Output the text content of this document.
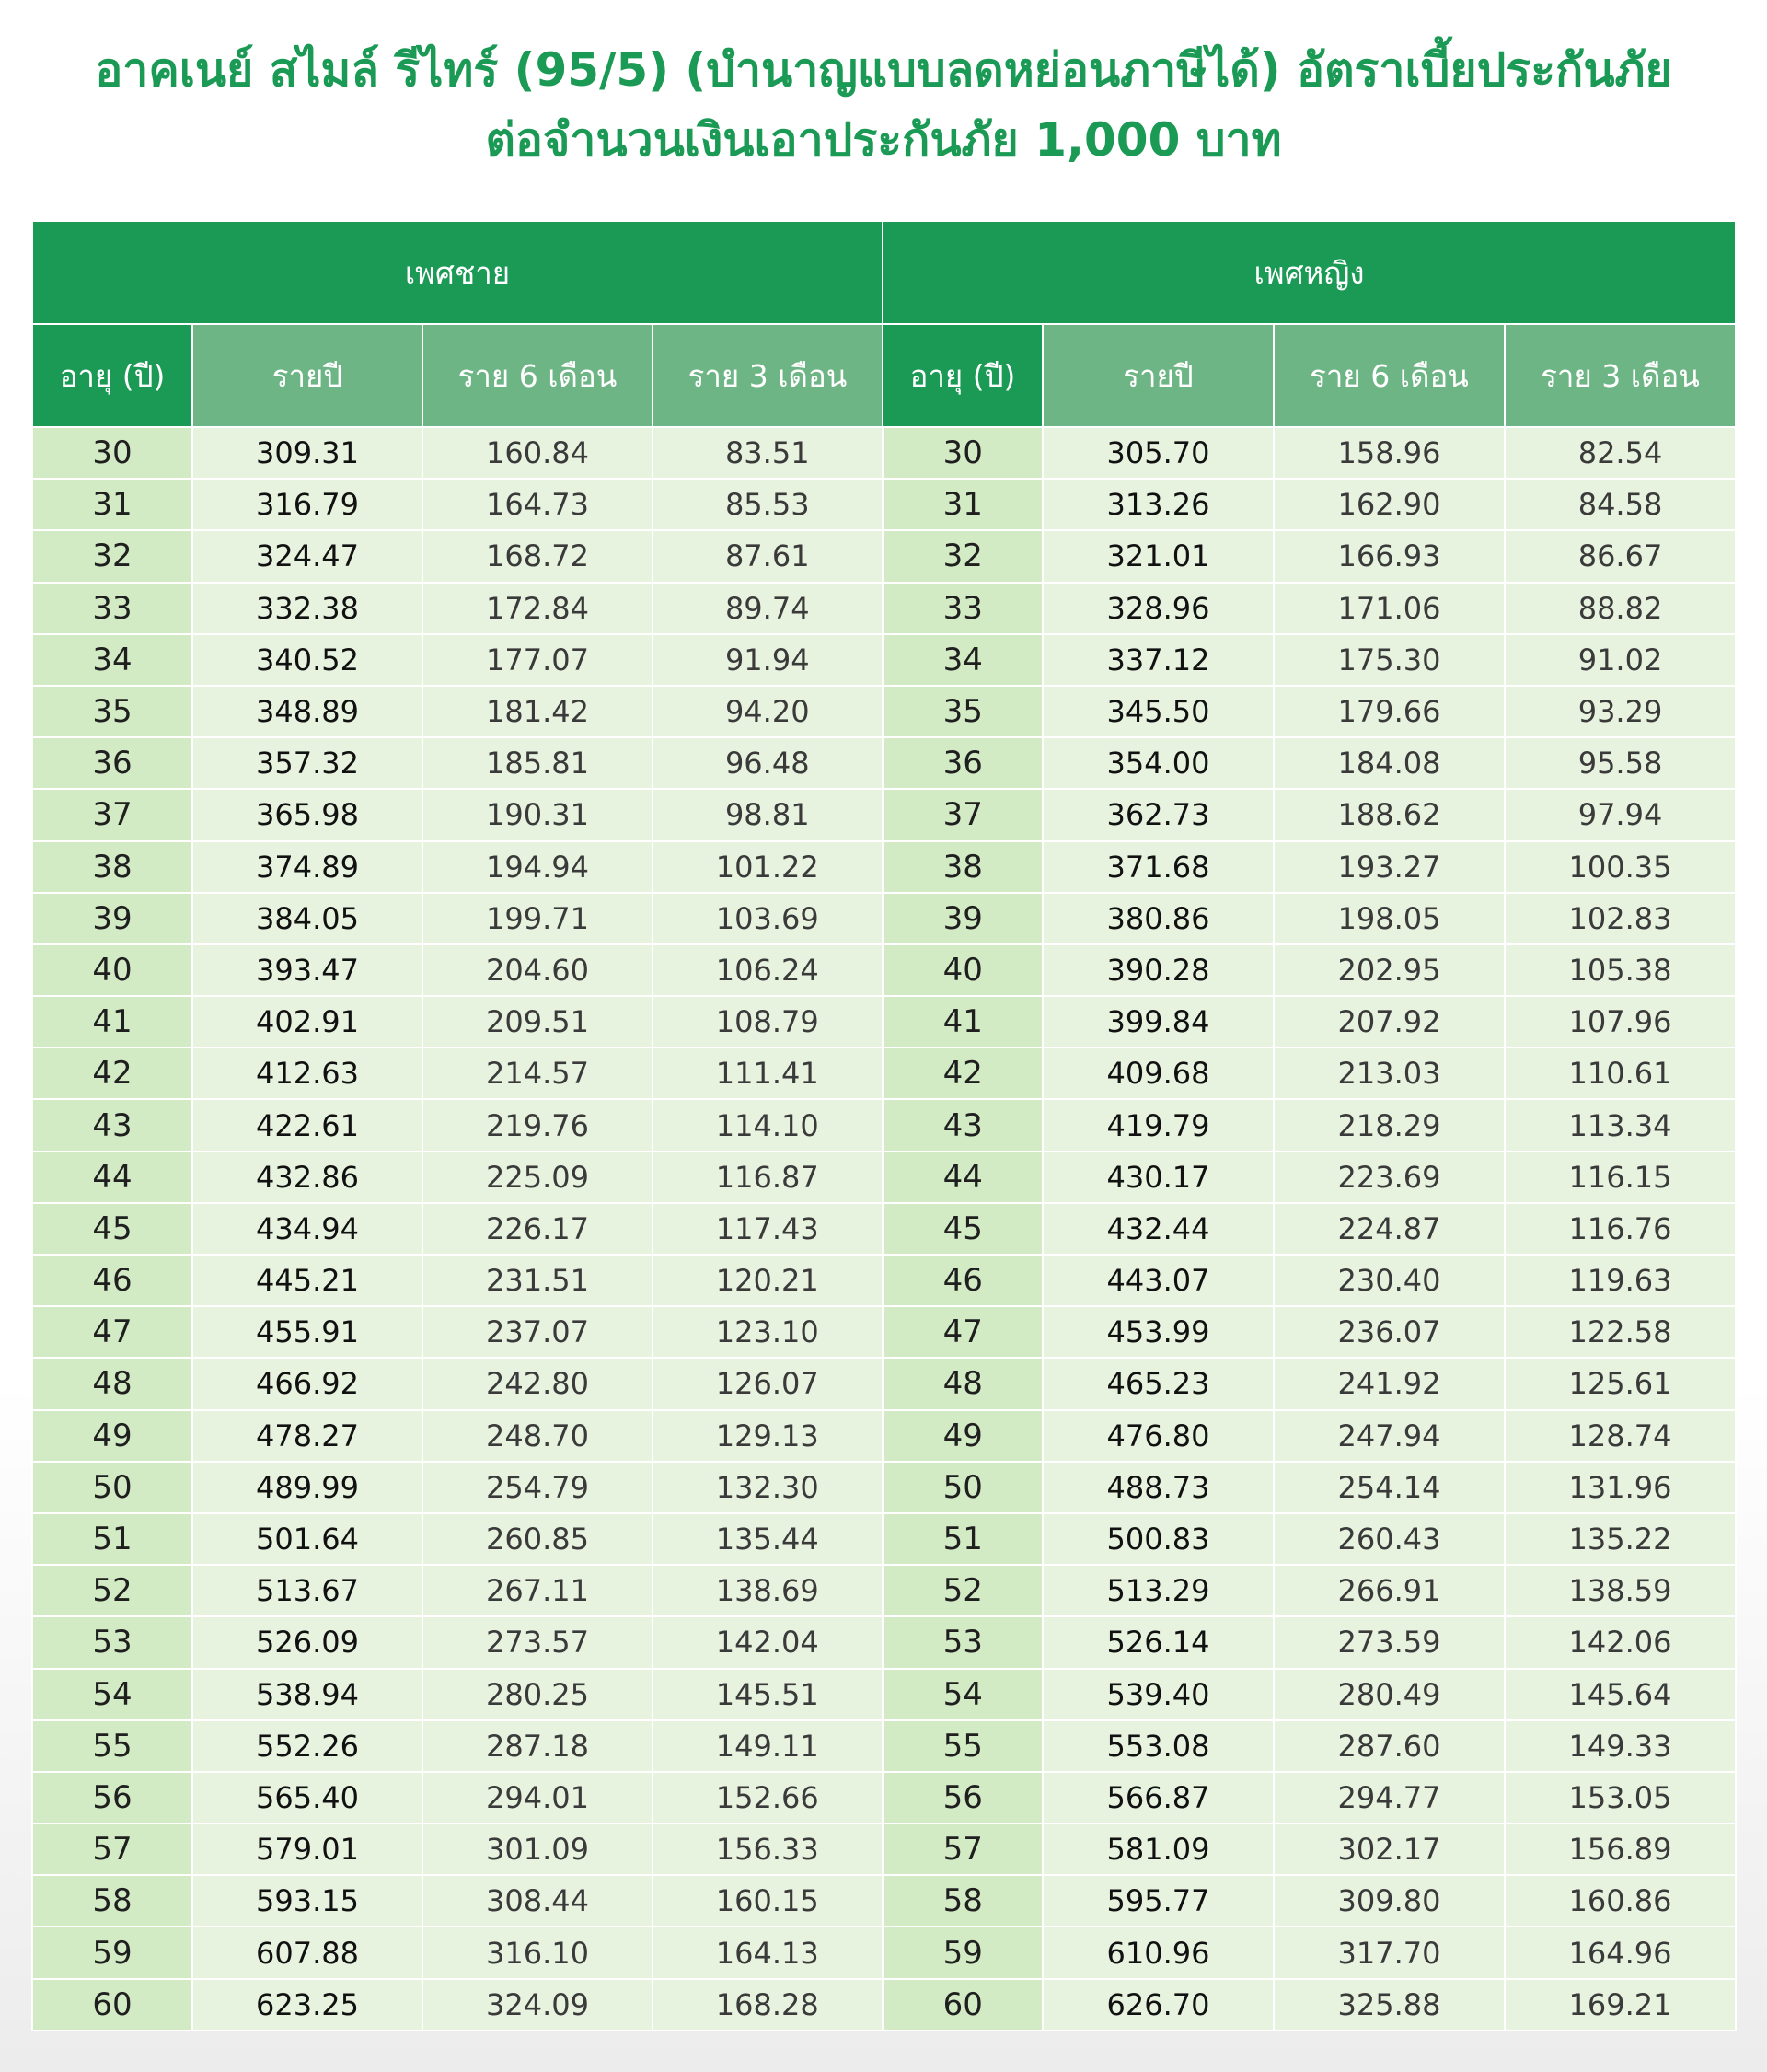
อาคเนย์ สไมล์ รีไทร์ (95/5) (บำนาญแบบลดหย่อนภาษีได้) อัตราเบี้ยประกันภัย
ต่อจำนวนเงินเอาประกันภัย 1,000 บาท
เพศชาย				เพศหญิง			
อายุ (ปี)	รายปี	ราย 6 เดือน	ราย 3 เดือน	อายุ (ปี)	รายปี	ราย 6 เดือน	ราย 3 เดือน
30	309.31	160.84	83.51	30	305.70	158.96	82.54
31	316.79	164.73	85.53	31	313.26	162.90	84.58
32	324.47	168.72	87.61	32	321.01	166.93	86.67
33	332.38	172.84	89.74	33	328.96	171.06	88.82
34	340.52	177.07	91.94	34	337.12	175.30	91.02
35	348.89	181.42	94.20	35	345.50	179.66	93.29
36	357.32	185.81	96.48	36	354.00	184.08	95.58
37	365.98	190.31	98.81	37	362.73	188.62	97.94
38	374.89	194.94	101.22	38	371.68	193.27	100.35
39	384.05	199.71	103.69	39	380.86	198.05	102.83
40	393.47	204.60	106.24	40	390.28	202.95	105.38
41	402.91	209.51	108.79	41	399.84	207.92	107.96
42	412.63	214.57	111.41	42	409.68	213.03	110.61
43	422.61	219.76	114.10	43	419.79	218.29	113.34
44	432.86	225.09	116.87	44	430.17	223.69	116.15
45	434.94	226.17	117.43	45	432.44	224.87	116.76
46	445.21	231.51	120.21	46	443.07	230.40	119.63
47	455.91	237.07	123.10	47	453.99	236.07	122.58
48	466.92	242.80	126.07	48	465.23	241.92	125.61
49	478.27	248.70	129.13	49	476.80	247.94	128.74
50	489.99	254.79	132.30	50	488.73	254.14	131.96
51	501.64	260.85	135.44	51	500.83	260.43	135.22
52	513.67	267.11	138.69	52	513.29	266.91	138.59
53	526.09	273.57	142.04	53	526.14	273.59	142.06
54	538.94	280.25	145.51	54	539.40	280.49	145.64
55	552.26	287.18	149.11	55	553.08	287.60	149.33
56	565.40	294.01	152.66	56	566.87	294.77	153.05
57	579.01	301.09	156.33	57	581.09	302.17	156.89
58	593.15	308.44	160.15	58	595.77	309.80	160.86
59	607.88	316.10	164.13	59	610.96	317.70	164.96
60	623.25	324.09	168.28	60	626.70	325.88	169.21
